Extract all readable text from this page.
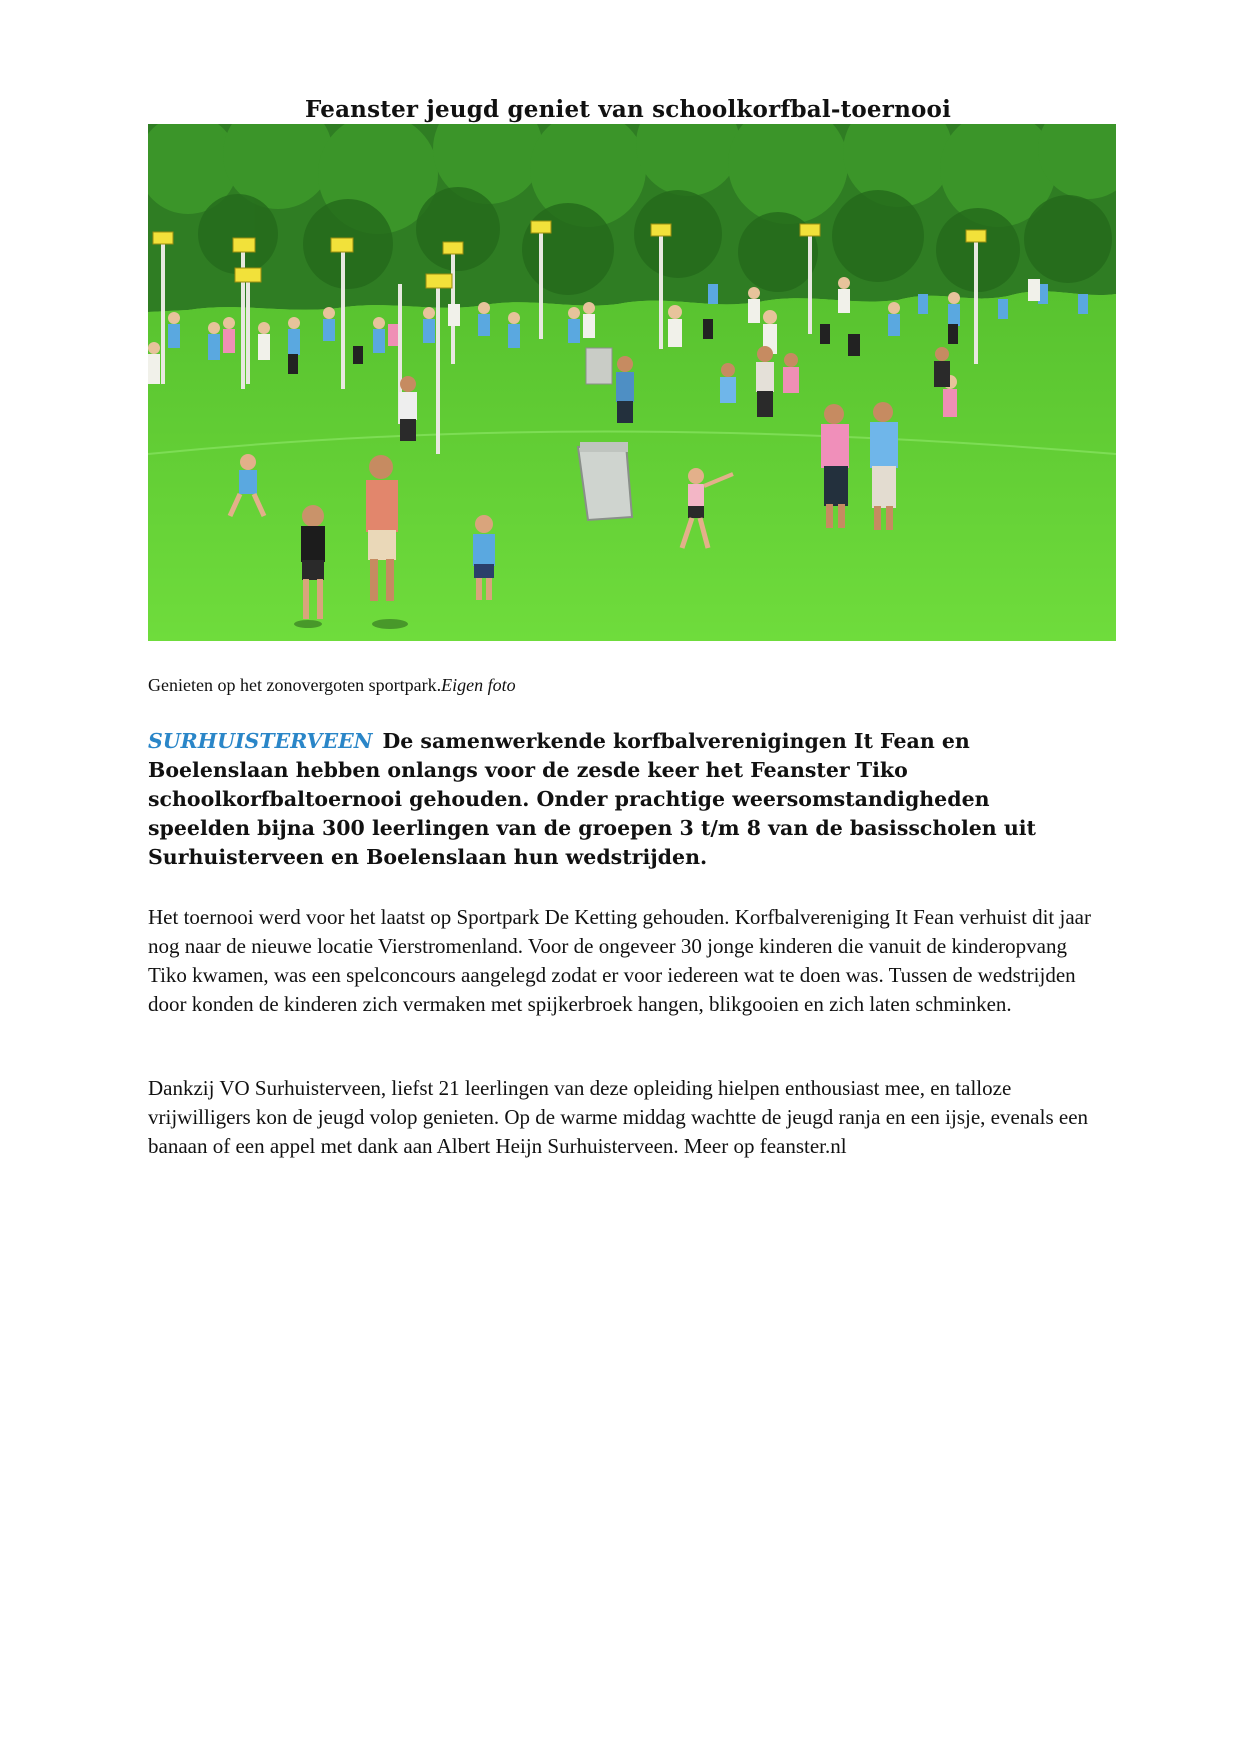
Feanster jeugd geniet van schoolkorfbal-toernooi
Genieten op het zonovergoten sportpark.Eigen foto
SURHUISTERVEEN De samenwerkende korfbalverenigingen It Fean en Boelenslaan hebben onlangs voor de zesde keer het Feanster Tiko schoolkorfbaltoernooi gehouden. Onder prachtige weersomstandigheden speelden bijna 300 leerlingen van de groepen 3 t/m 8 van de basisscholen uit Surhuisterveen en Boelenslaan hun wedstrijden.

Het toernooi werd voor het laatst op Sportpark De Ketting gehouden. Korfbalvereniging It Fean verhuist dit jaar nog naar de nieuwe locatie Vierstromenland. Voor de ongeveer 30 jonge kinderen die vanuit de kinderopvang Tiko kwamen, was een spelconcours aangelegd zodat er voor iedereen wat te doen was. Tussen de wedstrijden door konden de kinderen zich vermaken met spijkerbroek hangen, blikgooien en zich laten schminken.

Dankzij VO Surhuisterveen, liefst 21 leerlingen van deze opleiding hielpen enthousiast mee, en talloze vrijwilligers kon de jeugd volop genieten. Op de warme middag wachtte de jeugd ranja en een ijsje, evenals een banaan of een appel met dank aan Albert Heijn Surhuisterveen. Meer op feanster.nl
